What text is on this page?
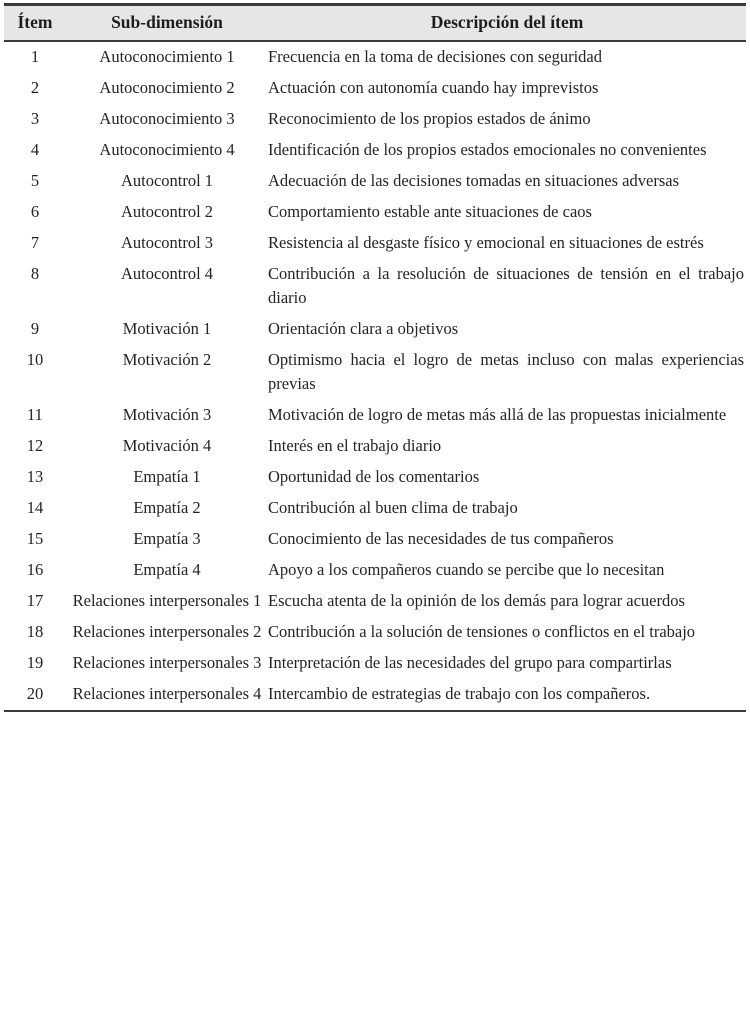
Ítem	Sub-dimensión	Descripción del ítem
1	Autoconocimiento 1	Frecuencia en la toma de decisiones con seguridad
2	Autoconocimiento 2	Actuación con autonomía cuando hay imprevistos
3	Autoconocimiento 3	Reconocimiento de los propios estados de ánimo
4	Autoconocimiento 4	Identificación de los propios estados emocionales no convenientes
5	Autocontrol 1	Adecuación de las decisiones tomadas en situaciones adversas
6	Autocontrol 2	Comportamiento estable ante situaciones de caos
7	Autocontrol 3	Resistencia al desgaste físico y emocional en situaciones de estrés
8	Autocontrol 4	Contribución a la resolución de situaciones de tensión en el trabajo diario
9	Motivación 1	Orientación clara a objetivos
10	Motivación 2	Optimismo hacia el logro de metas incluso con malas experiencias previas
11	Motivación 3	Motivación de logro de metas más allá de las propuestas inicialmente
12	Motivación 4	Interés en el trabajo diario
13	Empatía 1	Oportunidad de los comentarios
14	Empatía 2	Contribución al buen clima de trabajo
15	Empatía 3	Conocimiento de las necesidades de tus compañeros
16	Empatía 4	Apoyo a los compañeros cuando se percibe que lo necesitan
17	Relaciones interpersonales 1	Escucha atenta de la opinión de los demás para lograr acuerdos
18	Relaciones interpersonales 2	Contribución a la solución de tensiones o conflictos en el trabajo
19	Relaciones interpersonales 3	Interpretación de las necesidades del grupo para compartirlas
20	Relaciones interpersonales 4	Intercambio de estrategias de trabajo con los compañeros.
